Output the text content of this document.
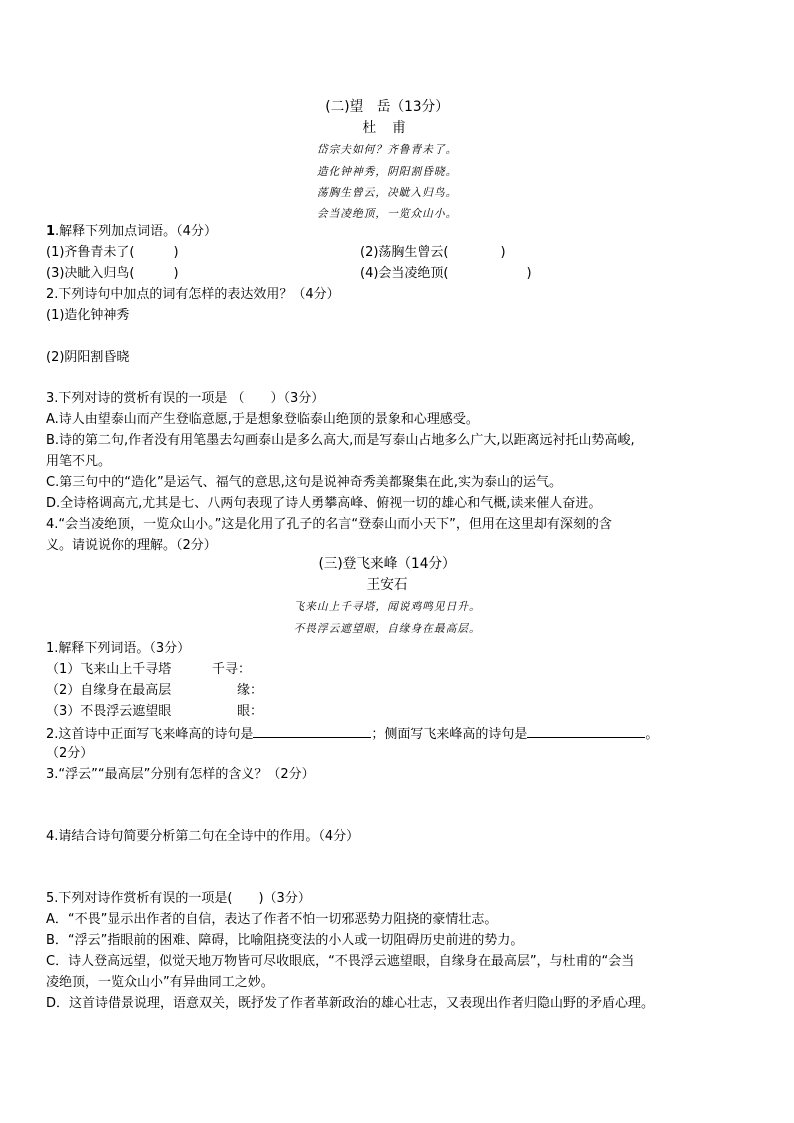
(二)望　岳（13分）
杜 甫
岱宗夫如何？齐鲁青未了。
造化钟神秀，阴阳割昏晓。
荡胸生曾云，决眦入归鸟。
会当凌绝顶，一览众山小。
1.解释下列加点词语。（4分）
(1)齐鲁青未了(　　　)	(2)荡胸生曾云(　　　　)
(3)决眦入归鸟(　　　)	(4)会当凌绝顶(　　　　　　)
2.下列诗句中加点的词有怎样的表达效用？（4分）
(1)造化钟神秀
(2)阴阳割昏晓
3.下列对诗的赏析有误的一项是 （　　）（3分）
A.诗人由望泰山而产生登临意愿,于是想象登临泰山绝顶的景象和心理感受。
B.诗的第二句,作者没有用笔墨去勾画泰山是多么高大,而是写泰山占地多么广大,以距离远衬托山势高峻,
用笔不凡。
C.第三句中的“造化”是运气、福气的意思,这句是说神奇秀美都聚集在此,实为泰山的运气。
D.全诗格调高亢,尤其是七、八两句表现了诗人勇攀高峰、俯视一切的雄心和气概,读来催人奋进。
4.“会当凌绝顶，一览众山小。”这是化用了孔子的名言“登泰山而小天下”，但用在这里却有深刻的含
义。请说说你的理解。（2分）
(三)登飞来峰（14分）
王安石
飞来山上千寻塔，闻说鸡鸣见日升。
不畏浮云遮望眼，自缘身在最高层。
1.解释下列词语。（3分）
（1）飞来山上千寻塔	千寻：
（2）自缘身在最高层	缘：
（3）不畏浮云遮望眼	眼：
2.这首诗中正面写飞来峰高的诗句是	；侧面写飞来峰高的诗句是	。
（2分）
3.“浮云”“最高层”分别有怎样的含义？（2分）
4.请结合诗句简要分析第二句在全诗中的作用。（4分）
5.下列对诗作赏析有误的一项是(　　)（3分）
A．“不畏”显示出作者的自信，表达了作者不怕一切邪恶势力阻挠的豪情壮志。
B．“浮云”指眼前的困难、障碍，比喻阻挠变法的小人或一切阻碍历史前进的势力。
C．诗人登高远望，似觉天地万物皆可尽收眼底，“不畏浮云遮望眼，自缘身在最高层”，与杜甫的“会当
凌绝顶，一览众山小”有异曲同工之妙。
D．这首诗借景说理，语意双关，既抒发了作者革新政治的雄心壮志，又表现出作者归隐山野的矛盾心理。
